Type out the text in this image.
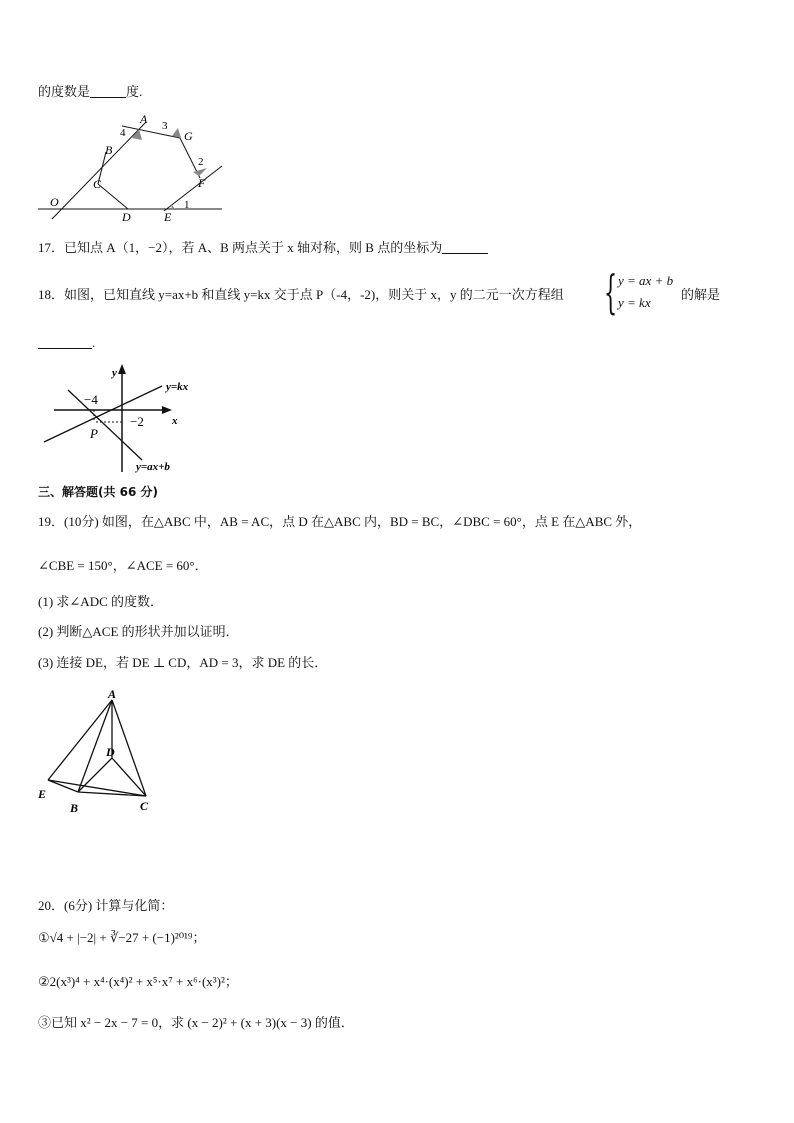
的度数是	度.
A
B
C
D	E
F
G
O	1
2
3
4
17．已知点 A（1，−2），若 A、B 两点关于 x 轴对称，则 B 点的坐标为
18．如图，已知直线 y=ax+b 和直线 y=kx 交于点 P（-4，-2)，则关于 x，y 的二元一次方程组 { y = ax + b
y = kx
的解是
.
y
x
−4
−2
P
y=kx
y=ax+b
三、解答题(共 66 分)
19．(10分) 如图，在△ABC 中，AB = AC，点 D 在△ABC 内，BD = BC，∠DBC = 60°，点 E 在△ABC 外，
∠CBE = 150°，∠ACE = 60°．
(1) 求∠ADC 的度数．
(2) 判断△ACE 的形状并加以证明．
(3) 连接 DE，若 DE ⊥ CD，AD = 3，求 DE 的长．
A
D
E
B	C
20．(6分) 计算与化简：
①√4 + |−2| + ∛−27 + (−1)²⁰¹⁹；
②2(x³)⁴ + x⁴·(x⁴)² + x⁵·x⁷ + x⁶·(x³)²；
③已知 x² − 2x − 7 = 0，求 (x − 2)² + (x + 3)(x − 3) 的值．
